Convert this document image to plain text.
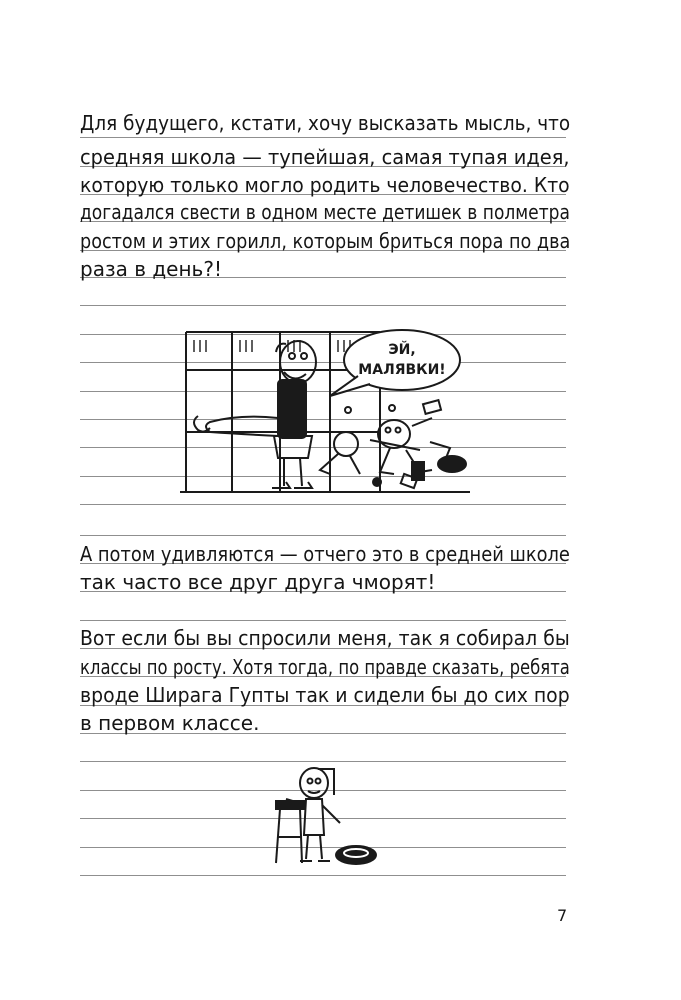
Для будущего, кстати, хочу высказать мысль, что
средняя школа — тупейшая, самая тупая идея,
которую только могло родить человечество. Кто
догадался свести в одном месте детишек в полметра
ростом и этих горилл, которым бриться пора по два
раза в день?!
ЭЙ,
МАЛЯВКИ!
А потом удивляются — отчего это в средней школе
так часто все друг друга чморят!
Вот если бы вы спросили меня, так я собирал бы
классы по росту. Хотя тогда, по правде сказать, ребята
вроде Ширага Гупты так и сидели бы до сих пор
в первом классе.
7
